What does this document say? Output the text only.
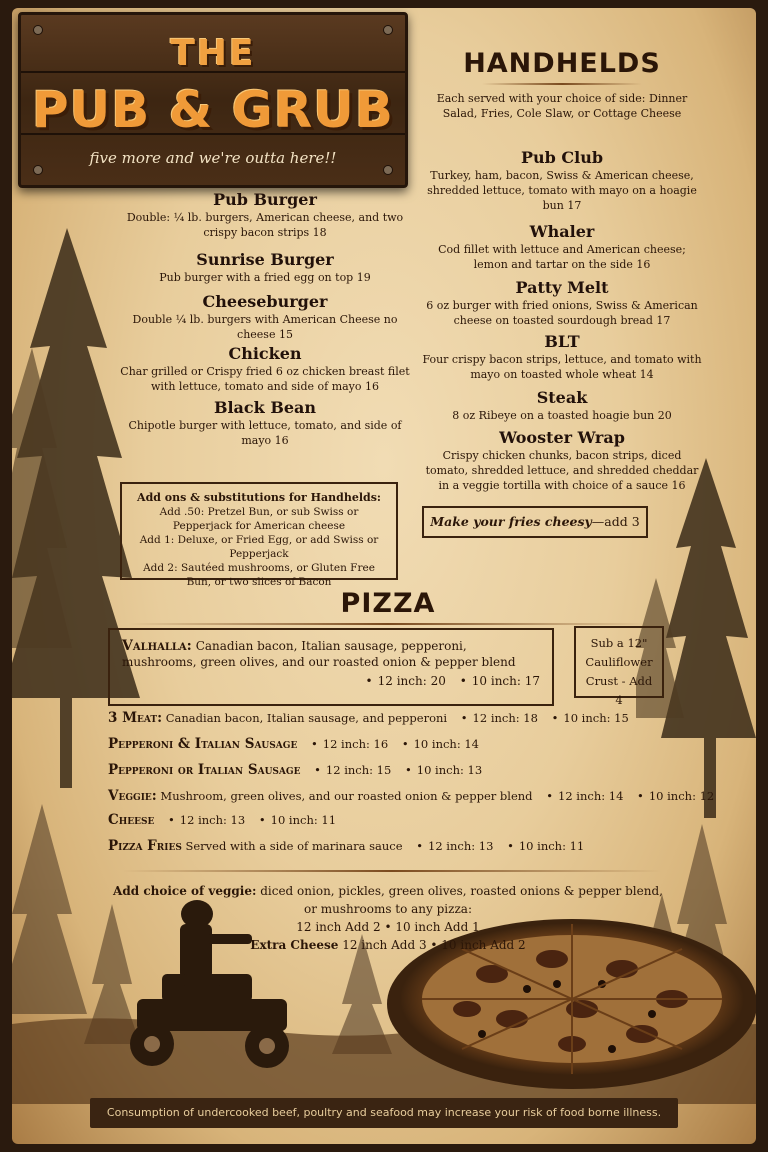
THE
PUB & GRUB
five more and we're outta here!!
Pub Burger
Double: ¼ lb. burgers, American cheese, and two crispy bacon strips 18
Sunrise Burger
Pub burger with a fried egg on top 19
Cheeseburger
Double ¼ lb. burgers with American Cheese no cheese 15
Chicken
Char grilled or Crispy fried 6 oz chicken breast filet with lettuce, tomato and side of mayo 16
Black Bean
Chipotle burger with lettuce, tomato, and side of mayo 16
Add ons & substitutions for Handhelds:
Add .50: Pretzel Bun, or sub Swiss or Pepperjack for American cheese
Add 1: Deluxe, or Fried Egg, or add Swiss or Pepperjack
Add 2: Sautéed mushrooms, or Gluten Free Bun, or two slices of Bacon
HANDHELDS
Each served with your choice of side: Dinner Salad, Fries, Cole Slaw, or Cottage Cheese
Pub Club
Turkey, ham, bacon, Swiss & American cheese, shredded lettuce, tomato with mayo on a hoagie bun 17
Whaler
Cod fillet with lettuce and American cheese; lemon and tartar on the side 16
Patty Melt
6 oz burger with fried onions, Swiss & American cheese on toasted sourdough bread 17
BLT
Four crispy bacon strips, lettuce, and tomato with mayo on toasted whole wheat 14
Steak
8 oz Ribeye on a toasted hoagie bun 20
Wooster Wrap
Crispy chicken chunks, bacon strips, diced tomato, shredded lettuce, and shredded cheddar in a veggie tortilla with choice of a sauce 16
Make your fries cheesy—add 3
PIZZA
Valhalla: Canadian bacon, Italian sausage, pepperoni, mushrooms, green olives, and our roasted onion & pepper blend
• 12 inch: 20 • 10 inch: 17
Sub a 12" Cauliflower Crust - Add 4
3 Meat: Canadian bacon, Italian sausage, and pepperoni • 12 inch: 18 • 10 inch: 15
Pepperoni & Italian Sausage • 12 inch: 16 • 10 inch: 14
Pepperoni or Italian Sausage • 12 inch: 15 • 10 inch: 13
Veggie: Mushroom, green olives, and our roasted onion & pepper blend • 12 inch: 14 • 10 inch: 12
Cheese • 12 inch: 13 • 10 inch: 11
Pizza Fries Served with a side of marinara sauce • 12 inch: 13 • 10 inch: 11
Add choice of veggie: diced onion, pickles, green olives, roasted onions & pepper blend, or mushrooms to any pizza:
12 inch Add 2 • 10 inch Add 1
Extra Cheese 12 inch Add 3 • 10 inch Add 2
Consumption of undercooked beef, poultry and seafood may increase your risk of food borne illness.
